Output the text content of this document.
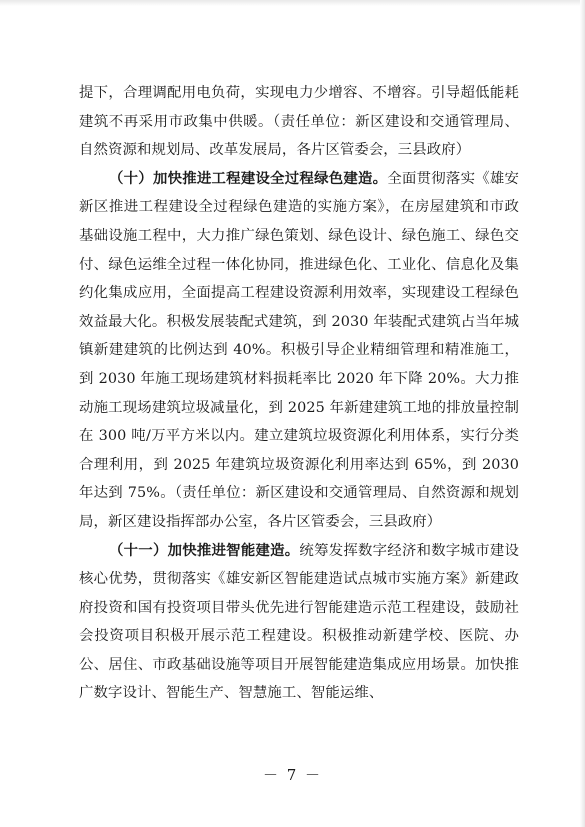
提下，合理调配用电负荷，实现电力少增容、不增容。引导超低能耗建筑不再采用市政集中供暖。（责任单位：新区建设和交通管理局、自然资源和规划局、改革发展局，各片区管委会，三县政府）

（十）加快推进工程建设全过程绿色建造。全面贯彻落实《雄安新区推进工程建设全过程绿色建造的实施方案》，在房屋建筑和市政基础设施工程中，大力推广绿色策划、绿色设计、绿色施工、绿色交付、绿色运维全过程一体化协同，推进绿色化、工业化、信息化及集约化集成应用，全面提高工程建设资源利用效率，实现建设工程绿色效益最大化。积极发展装配式建筑，到 2030 年装配式建筑占当年城镇新建建筑的比例达到 40%。积极引导企业精细管理和精准施工，到 2030 年施工现场建筑材料损耗率比 2020 年下降 20%。大力推动施工现场建筑垃圾减量化，到 2025 年新建建筑工地的排放量控制在 300 吨/万平方米以内。建立建筑垃圾资源化利用体系，实行分类合理利用，到 2025 年建筑垃圾资源化利用率达到 65%，到 2030 年达到 75%。（责任单位：新区建设和交通管理局、自然资源和规划局，新区建设指挥部办公室，各片区管委会，三县政府）

（十一）加快推进智能建造。统筹发挥数字经济和数字城市建设核心优势，贯彻落实《雄安新区智能建造试点城市实施方案》新建政府投资和国有投资项目带头优先进行智能建造示范工程建设，鼓励社会投资项目积极开展示范工程建设。积极推动新建学校、医院、办公、居住、市政基础设施等项目开展智能建造集成应用场景。加快推广数字设计、智能生产、智慧施工、智能运维、

－ 7 －
